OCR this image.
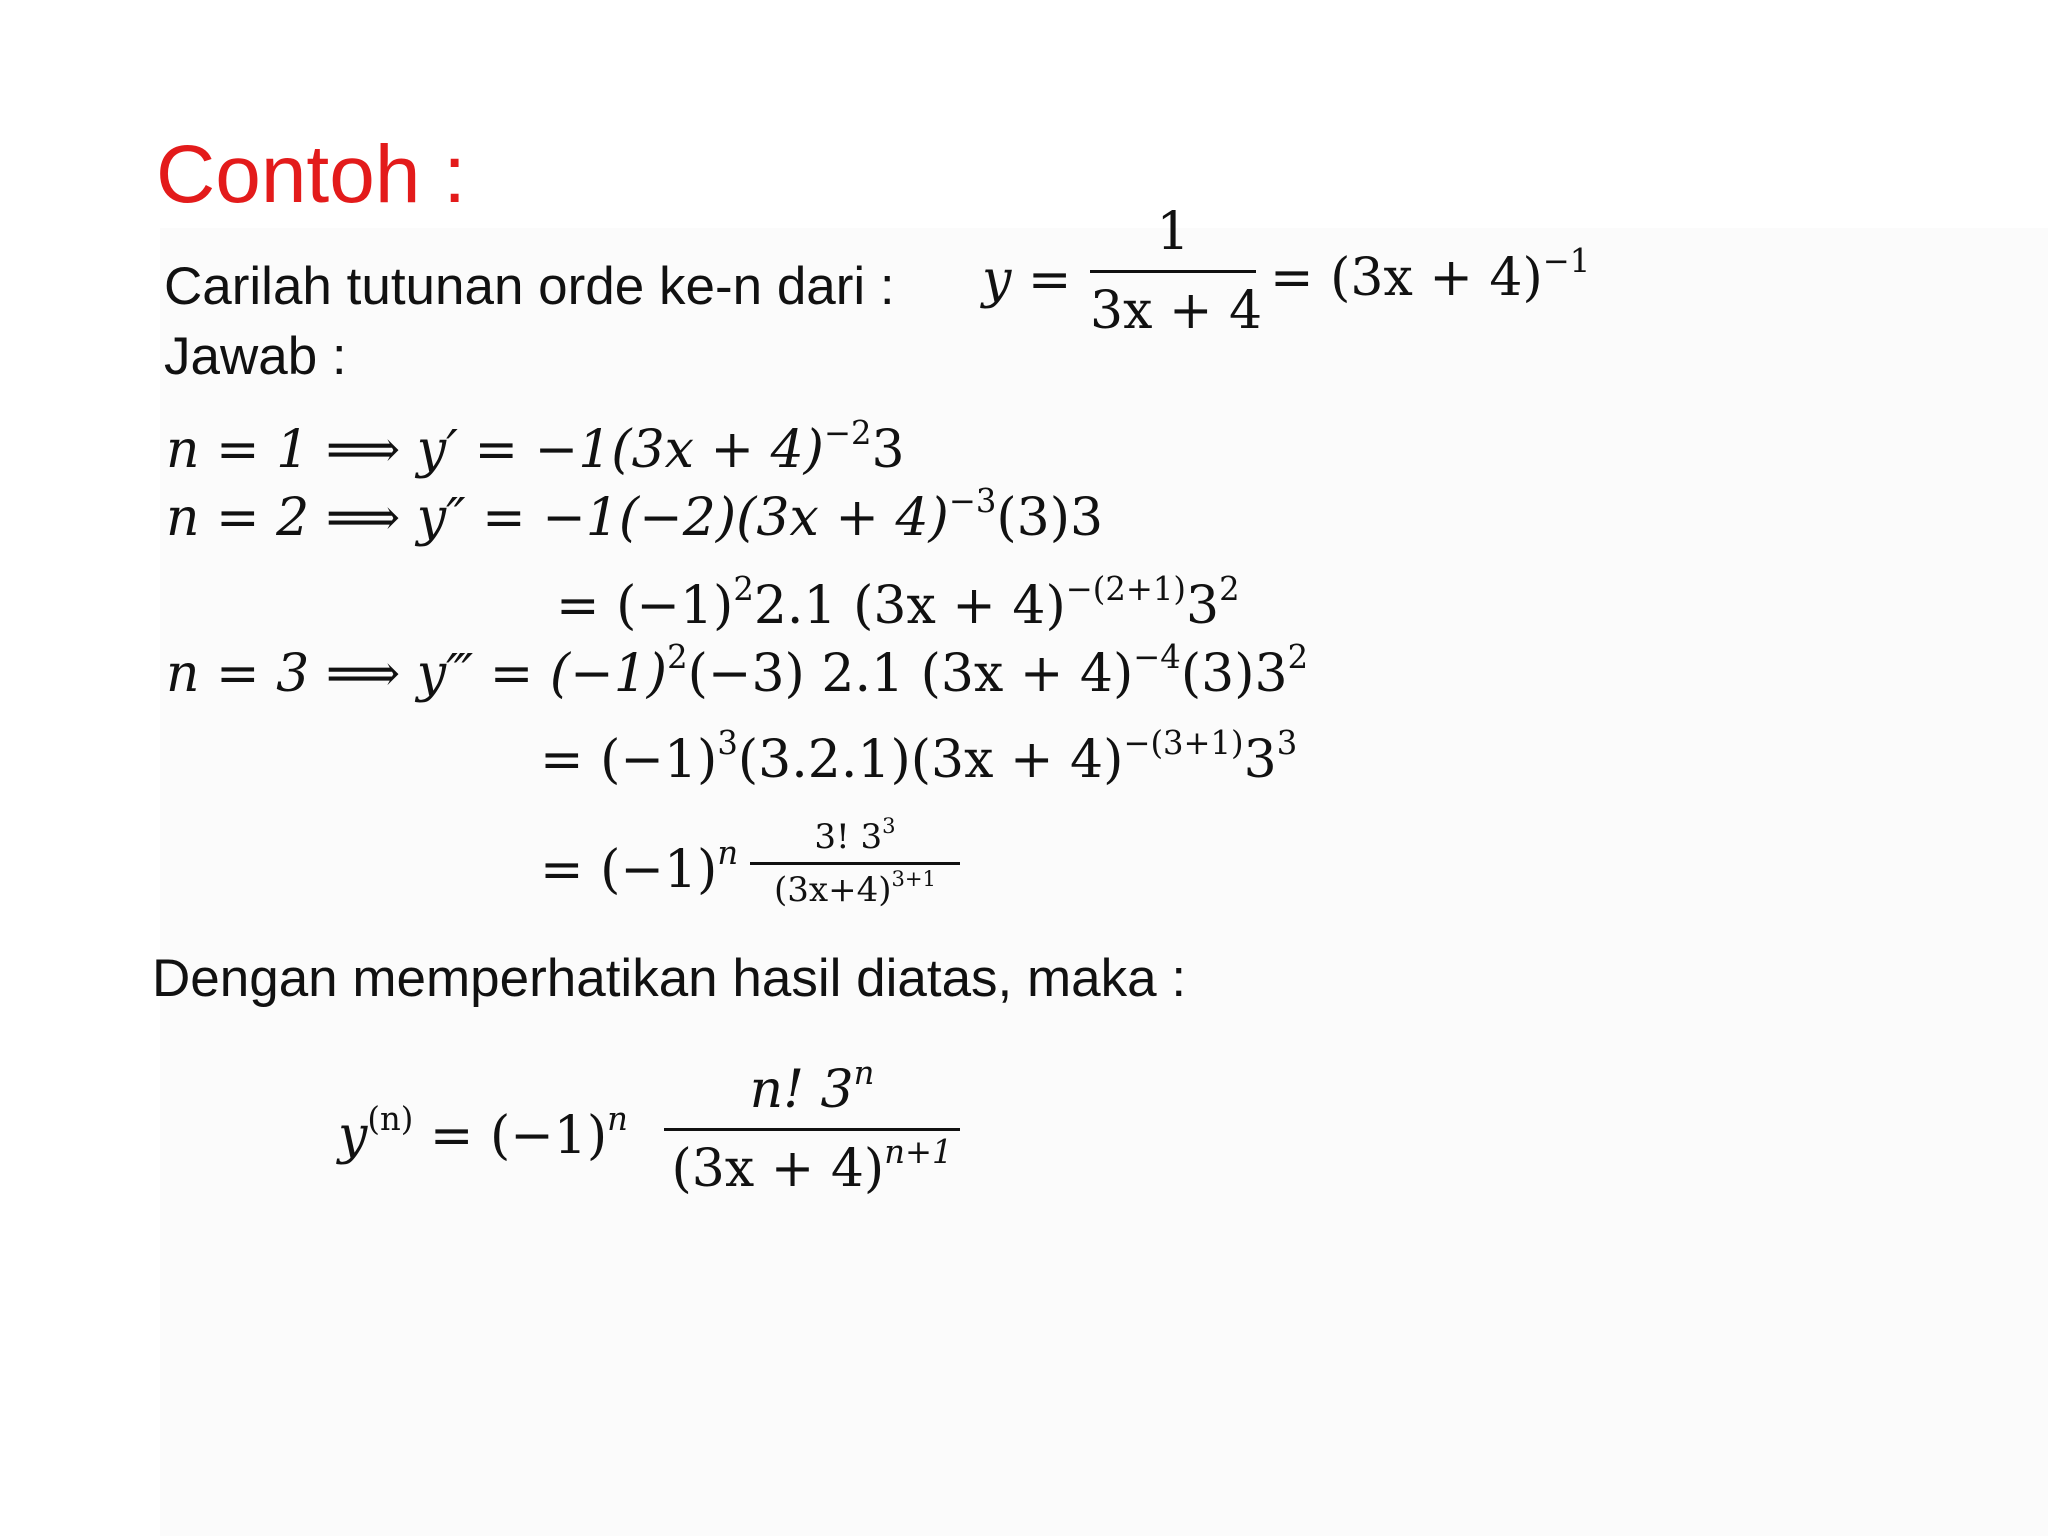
Contoh :
Carilah tutunan orde ke-n dari : y =
1
3x + 4
= $(3x + 4)^{-1}$
Jawab :
n = 1 ⟹ $y' = -1(3x + 4)^{-2}3$
n = 2 ⟹ $y'' = -1(-2)(3x + 4)^{-3}(3)3$
= $(-1)^22.1$ $(3x + 4)^{-(2+1)}3^2$
n = 3 ⟹ y‴ = $(-1)^2(-3)$ 2.1 $(3x + 4)^{-4}(3)3^2$
= $(-1)^3(3.2.1)(3x + 4)^{-(3+1)}3^3$
= $(-1)^n$	3! $3^3$
$(3x+4)^{3+1}$
Dengan memperhatikan hasil diatas, maka :
$y^{(n)} = (-1)^n$	n! 3$^n$
$(3x + 4)^{n+1}$
